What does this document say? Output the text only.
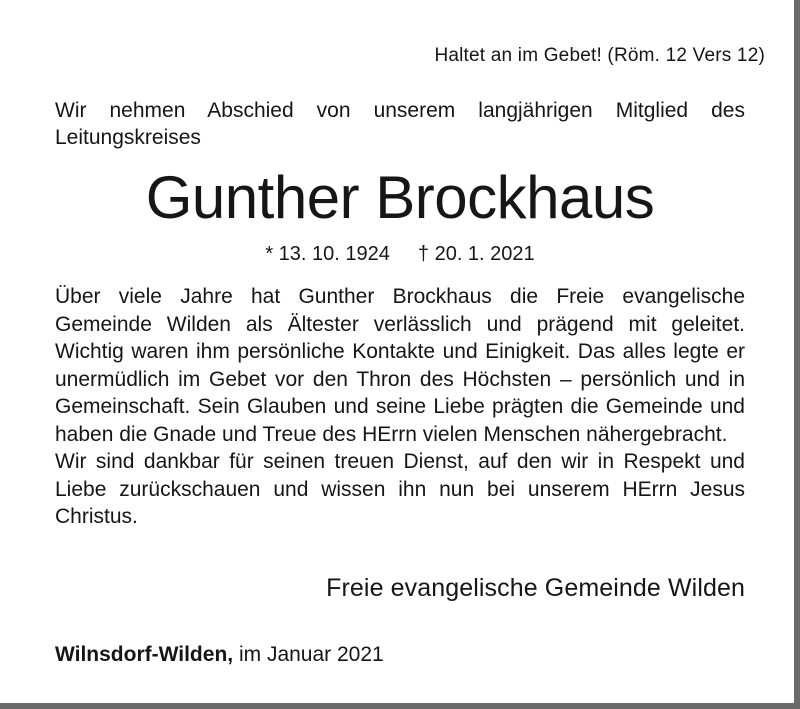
Haltet an im Gebet! (Röm. 12 Vers 12)
Wir nehmen Abschied von unserem langjährigen Mitglied des Leitungskreises
Gunther Brockhaus
* 13. 10. 1924 † 20. 1. 2021

Über viele Jahre hat Gunther Brockhaus die Freie evangelische Gemeinde Wilden als Ältester verlässlich und prägend mit geleitet. Wichtig waren ihm persönliche Kontakte und Einigkeit. Das alles legte er unermüdlich im Gebet vor den Thron des Höchsten – persönlich und in Gemeinschaft. Sein Glauben und seine Liebe prägten die Gemeinde und haben die Gnade und Treue des HErrn vielen Menschen nähergebracht.

Wir sind dankbar für seinen treuen Dienst, auf den wir in Respekt und Liebe zurückschauen und wissen ihn nun bei unserem HErrn Jesus Christus.

Freie evangelische Gemeinde Wilden
Wilnsdorf-Wilden, im Januar 2021
